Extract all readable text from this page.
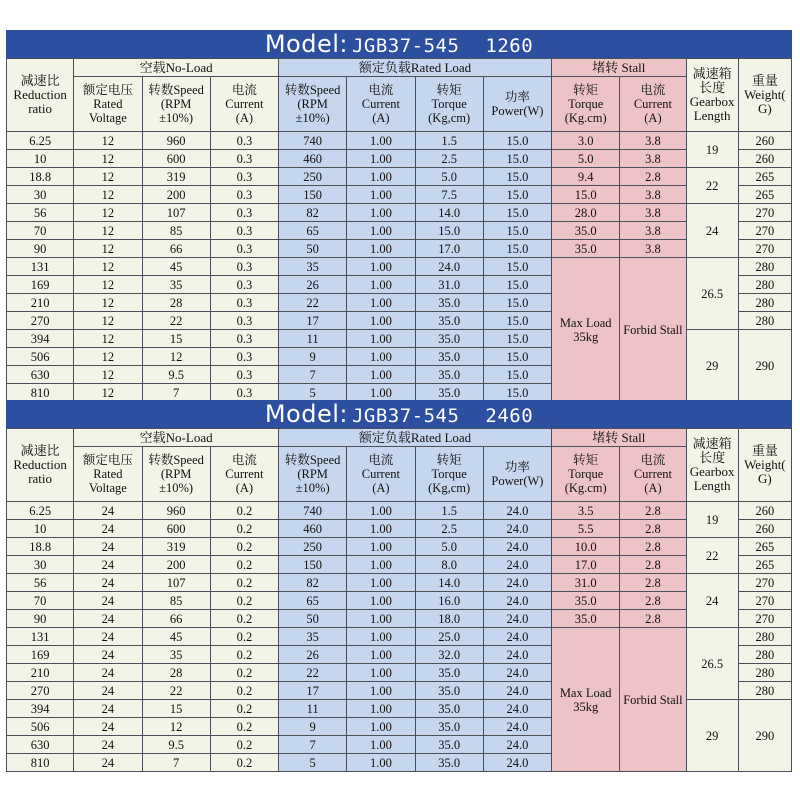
Model: JGB37-545 1260
减速比
Reduction
ratio	空载No-Load			额定负载Rated Load				堵转 Stall		减速箱
长度
Gearbox
Length	重量
Weight(
G)
	额定电压
Rated
Voltage	转数Speed
(RPM
±10%)	电流
Current
(A)	转数Speed
(RPM
±10%)	电流
Current
(A)	转矩
Torque
(Kg,cm)	功率
Power(W)	转矩
Torque
(Kg.cm)	电流
Current
(A)		
6.25	12	960	0.3	740	1.00	1.5	15.0	3.0	3.8	19	260
10	12	600	0.3	460	1.00	2.5	15.0	5.0	3.8		260
18.8	12	319	0.3	250	1.00	5.0	15.0	9.4	2.8	22	265
30	12	200	0.3	150	1.00	7.5	15.0	15.0	3.8		265
56	12	107	0.3	82	1.00	14.0	15.0	28.0	3.8	24	270
70	12	85	0.3	65	1.00	15.0	15.0	35.0	3.8		270
90	12	66	0.3	50	1.00	17.0	15.0	35.0	3.8		270
131	12	45	0.3	35	1.00	24.0	15.0	Max Load
35kg	Forbid Stall	26.5	280
169	12	35	0.3	26	1.00	31.0	15.0				280
210	12	28	0.3	22	1.00	35.0	15.0				280
270	12	22	0.3	17	1.00	35.0	15.0				280
394	12	15	0.3	11	1.00	35.0	15.0			29	290
506	12	12	0.3	9	1.00	35.0	15.0				
630	12	9.5	0.3	7	1.00	35.0	15.0				
810	12	7	0.3	5	1.00	35.0	15.0				
Model: JGB37-545 2460
减速比
Reduction
ratio	空载No-Load			额定负载Rated Load				堵转 Stall		减速箱
长度
Gearbox
Length	重量
Weight(
G)
	额定电压
Rated
Voltage	转数Speed
(RPM
±10%)	电流
Current
(A)	转数Speed
(RPM
±10%)	电流
Current
(A)	转矩
Torque
(Kg,cm)	功率
Power(W)	转矩
Torque
(Kg.cm)	电流
Current
(A)		
6.25	24	960	0.2	740	1.00	1.5	24.0	3.5	2.8	19	260
10	24	600	0.2	460	1.00	2.5	24.0	5.5	2.8		260
18.8	24	319	0.2	250	1.00	5.0	24.0	10.0	2.8	22	265
30	24	200	0.2	150	1.00	8.0	24.0	17.0	2.8		265
56	24	107	0.2	82	1.00	14.0	24.0	31.0	2.8	24	270
70	24	85	0.2	65	1.00	16.0	24.0	35.0	2.8		270
90	24	66	0.2	50	1.00	18.0	24.0	35.0	2.8		270
131	24	45	0.2	35	1.00	25.0	24.0	Max Load
35kg	Forbid Stall	26.5	280
169	24	35	0.2	26	1.00	32.0	24.0				280
210	24	28	0.2	22	1.00	35.0	24.0				280
270	24	22	0.2	17	1.00	35.0	24.0				280
394	24	15	0.2	11	1.00	35.0	24.0			29	290
506	24	12	0.2	9	1.00	35.0	24.0				
630	24	9.5	0.2	7	1.00	35.0	24.0				
810	24	7	0.2	5	1.00	35.0	24.0				
